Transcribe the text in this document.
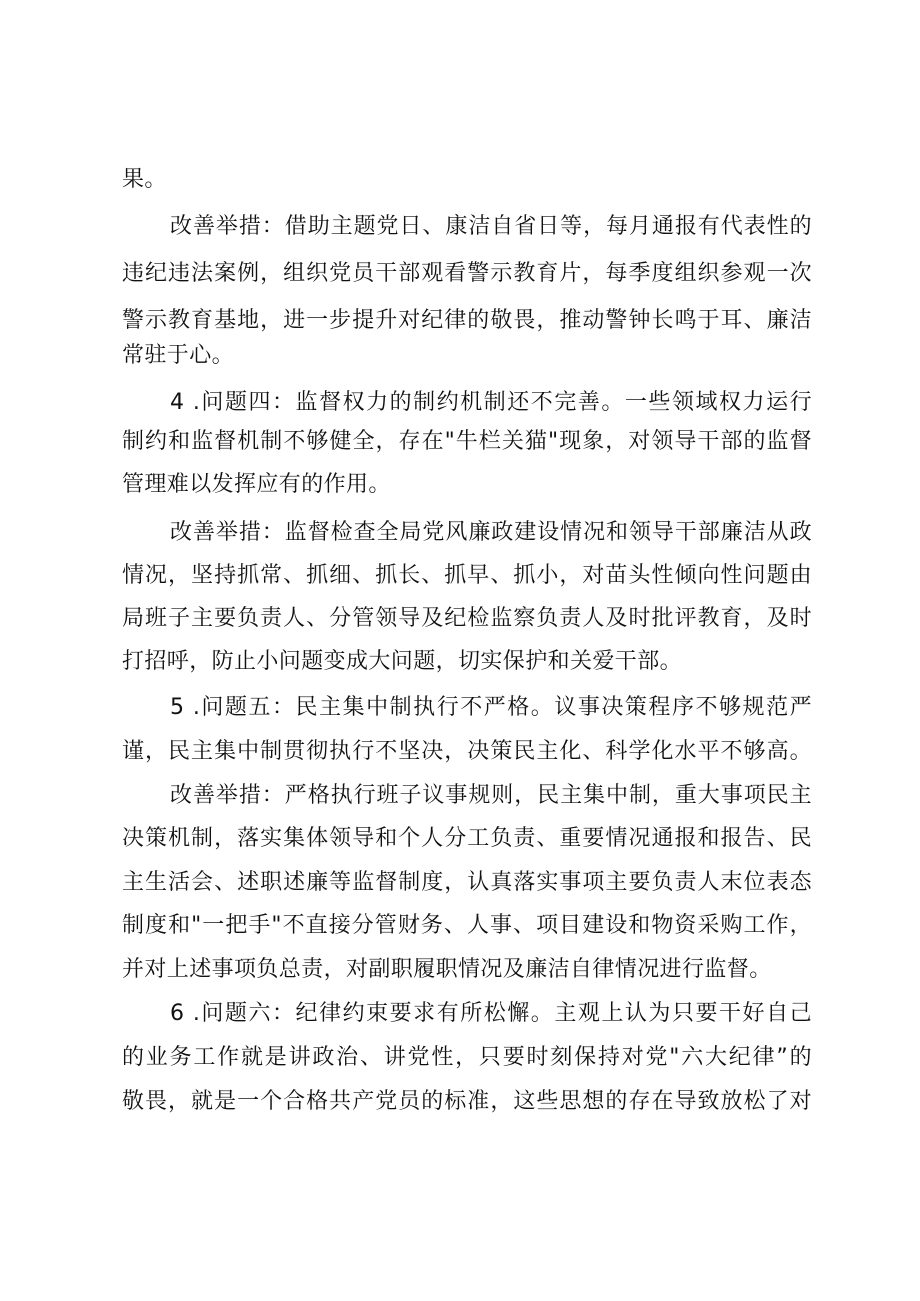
果。
改善举措：借助主题党日、康洁自省日等，每月通报有代表性的
违纪违法案例，组织党员干部观看警示教育片，每季度组织参观一次
警示教育基地，进一步提升对纪律的敬畏，推动警钟长鸣于耳、廉洁
常驻于心。
4 .问题四：监督权力的制约机制还不完善。一些领域权力运行
制约和监督机制不够健全，存在"牛栏关猫"现象，对领导干部的监督
管理难以发挥应有的作用。
改善举措：监督检查全局党风廉政建设情况和领导干部廉洁从政
情况，坚持抓常、抓细、抓长、抓早、抓小，对苗头性倾向性问题由
局班子主要负责人、分管领导及纪检监察负责人及时批评教育，及时
打招呼，防止小问题变成大问题，切实保护和关爱干部。
5 .问题五：民主集中制执行不严格。议事决策程序不够规范严
谨，民主集中制贯彻执行不坚决，决策民主化、科学化水平不够高。
改善举措：严格执行班子议事规则，民主集中制，重大事项民主
决策机制，落实集体领导和个人分工负责、重要情况通报和报告、民
主生活会、述职述廉等监督制度，认真落实事项主要负责人末位表态
制度和"一把手"不直接分管财务、人事、项目建设和物资采购工作，
并对上述事项负总责，对副职履职情况及廉洁自律情况进行监督。
6 .问题六：纪律约束要求有所松懈。主观上认为只要干好自己
的业务工作就是讲政治、讲党性，只要时刻保持对党"六大纪律”的
敬畏，就是一个合格共产党员的标准，这些思想的存在导致放松了对
